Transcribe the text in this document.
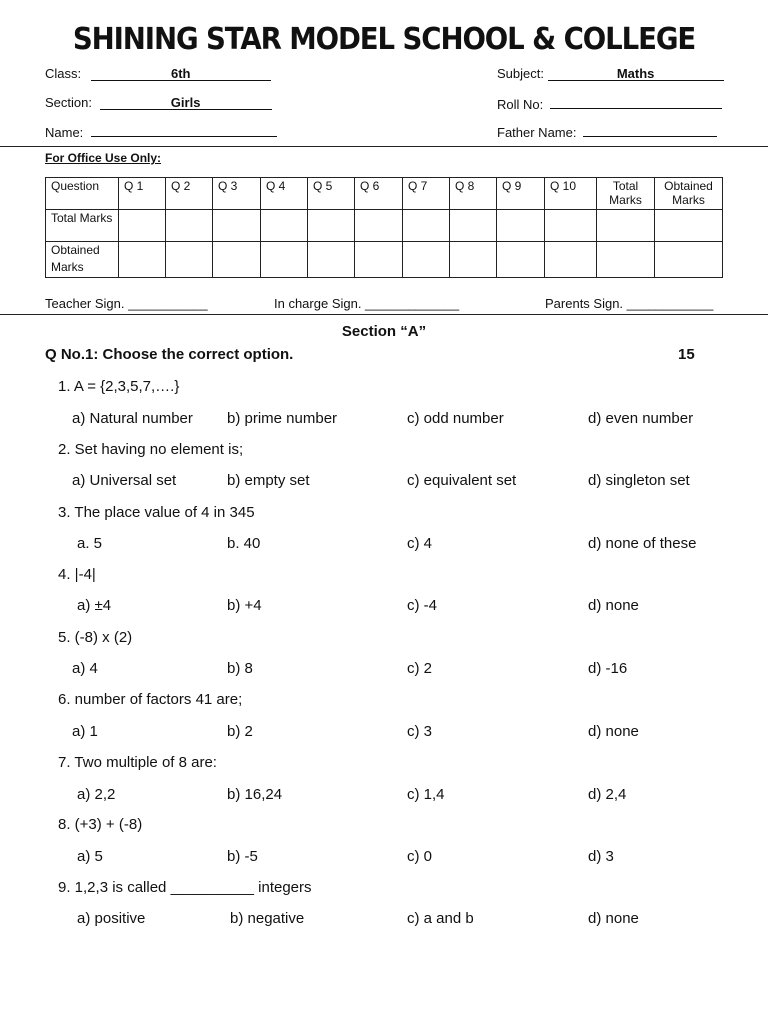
SHINING STAR MODEL SCHOOL & COLLEGE
Class:	6th	Subject:	Maths
Section:	Girls	Roll No:
Name:	Father Name:
For Office Use Only:
Question	Q 1	Q 2	Q 3	Q 4	Q 5	Q 6	Q 7	Q 8	Q 9	Q 10	Total Marks	Obtained Marks
Total Marks												
Obtained Marks												
Teacher Sign. ___________	In charge Sign. _____________	Parents Sign. ____________
Section “A”
Q No.1: Choose the correct option.	15
1. A = {2,3,5,7,….}
a) Natural number b) prime number	c) odd number	d) even number
2. Set having no element is;
a) Universal set	b) empty set	c) equivalent set	d) singleton set
3. The place value of 4 in 345
a. 5	b. 40	c) 4	d) none of these
4. |-4|
a) ±4	b) +4	c) -4	d) none
5. (-8) x (2)
a) 4	b) 8	c) 2	d) -16
6. number of factors 41 are;
a) 1	b) 2	c) 3	d) none
7. Two multiple of 8 are:
a) 2,2	b) 16,24	c) 1,4	d) 2,4
8. (+3) + (-8)
a) 5	b) -5	c) 0	d) 3
9. 1,2,3 is called __________ integers
a) positive	b) negative	c) a and b	d) none
